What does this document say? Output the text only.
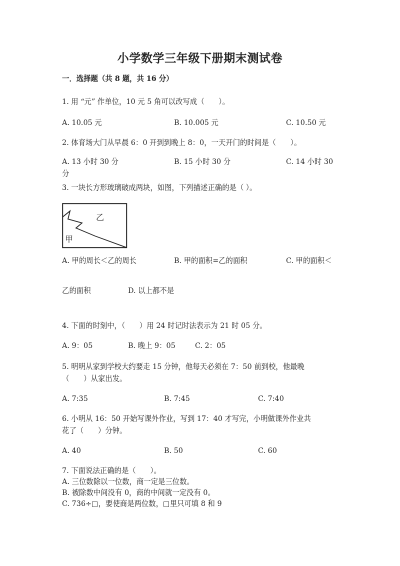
小学数学三年级下册期末测试卷
一．选择题（共 8 题，共 16 分）
1. 用 “元” 作单位，10 元 5 角可以改写成（　　）。
A. 10.05 元	B. 10.005 元	C. 10.50 元
2. 体育场大门从早晨 6：0 开到到晚上 8：0，一天开门的时间是（　　）。
A. 13 小时 30 分	B. 15 小时 30 分	C. 14 小时 30
分
3. 一块长方形玻璃破成两块，如图，下列描述正确的是（ ）。
乙
甲
A. 甲的周长＜乙的周长	B. 甲的面积=乙的面积	C. 甲的面积＜
乙的面积	D. 以上都不是
4. 下面的时刻中，（　　）用 24 时记时法表示为 21 时 05 分。
A. 9：05	B. 晚上 9：05	C. 2：05
5. 明明从家到学校大约要走 15 分钟，他每天必须在 7：50 前到校，他最晚
（　　）从家出发。
A. 7:35	B. 7:45	C. 7:40
6. 小明从 16：50 开始写课外作业，写到 17：40 才写完，小明做课外作业共
花了（　　）分钟。
A. 40	B. 50	C. 60
7. 下面说法正确的是（　　）。
A. 三位数除以一位数，商一定是三位数。
B. 被除数中间没有 0，商的中间就一定没有 0。
C. 736÷□，要使商是两位数，□里只可填 8 和 9
